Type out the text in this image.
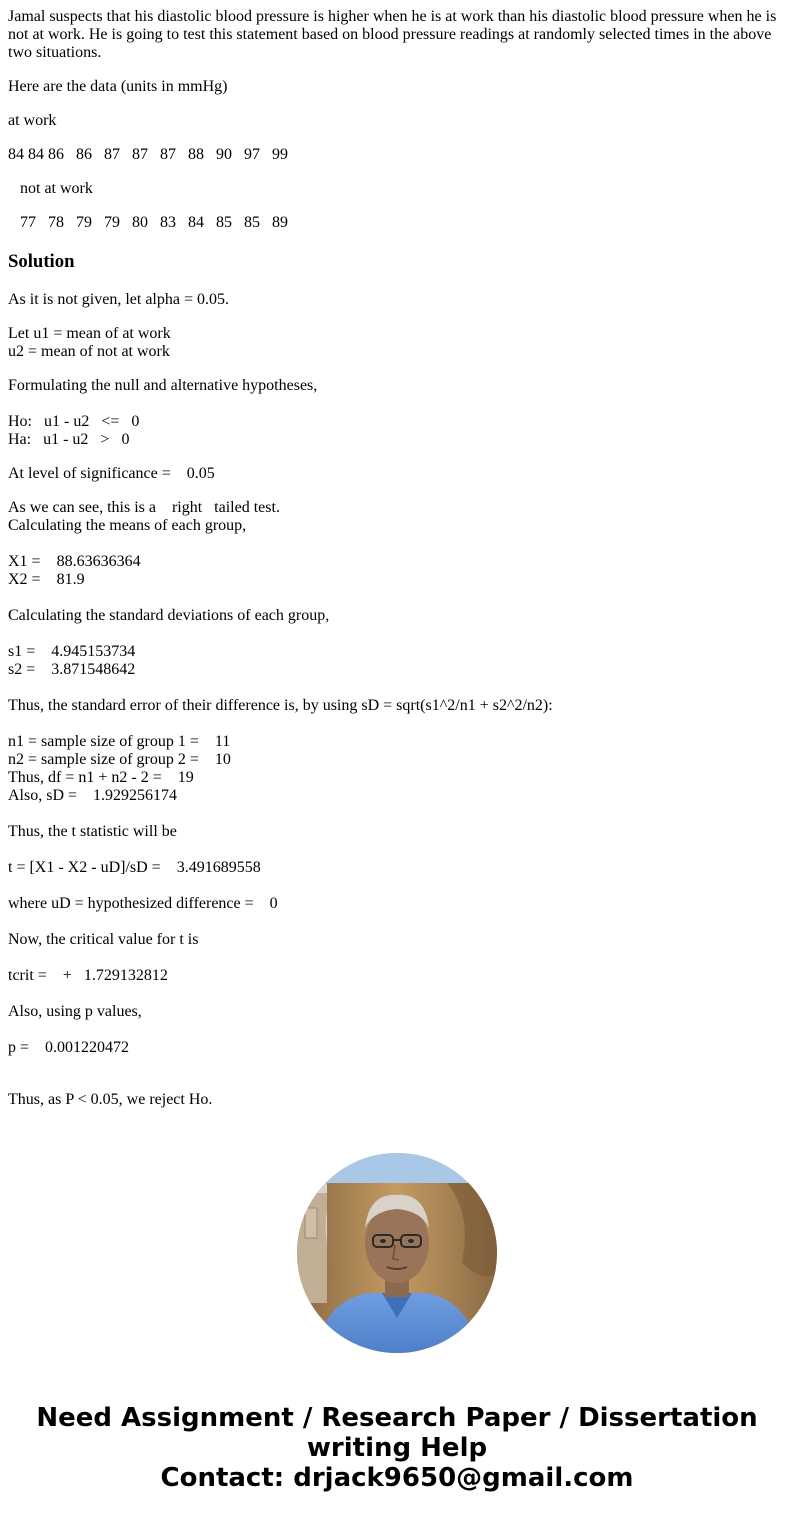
Jamal suspects that his diastolic blood pressure is higher when he is at work than his diastolic blood pressure when he is not at work. He is going to test this statement based on blood pressure readings at randomly selected times in the above two situations.

Here are the data (units in mmHg)

at work

84 84 86   86   87   87   87   88   90   97   99

not at work

77   78   79   79   80   83   84   85   85   89

Solution

As it is not given, let alpha = 0.05.

Let u1 = mean of at work
u2 = mean of not at work

Formulating the null and alternative hypotheses,

Ho:   u1 - u2   <=   0
Ha:   u1 - u2   >   0

At level of significance =    0.05

As we can see, this is a    right   tailed test.
Calculating the means of each group,
X1 =    88.63636364
X2 =    81.9

Calculating the standard deviations of each group,

s1 =    4.945153734
s2 =    3.871548642

Thus, the standard error of their difference is, by using sD = sqrt(s1^2/n1 + s2^2/n2):

n1 = sample size of group 1 =    11
n2 = sample size of group 2 =    10
Thus, df = n1 + n2 - 2 =    19
Also, sD =    1.929256174

Thus, the t statistic will be

t = [X1 - X2 - uD]/sD =    3.491689558

where uD = hypothesized difference =    0

Now, the critical value for t is

tcrit =    +   1.729132812

Also, using p values,

p =    0.001220472

Thus, as P < 0.05, we reject Ho.

Need Assignment / Research Paper / Dissertation
writing Help
Contact: drjack9650@gmail.com
